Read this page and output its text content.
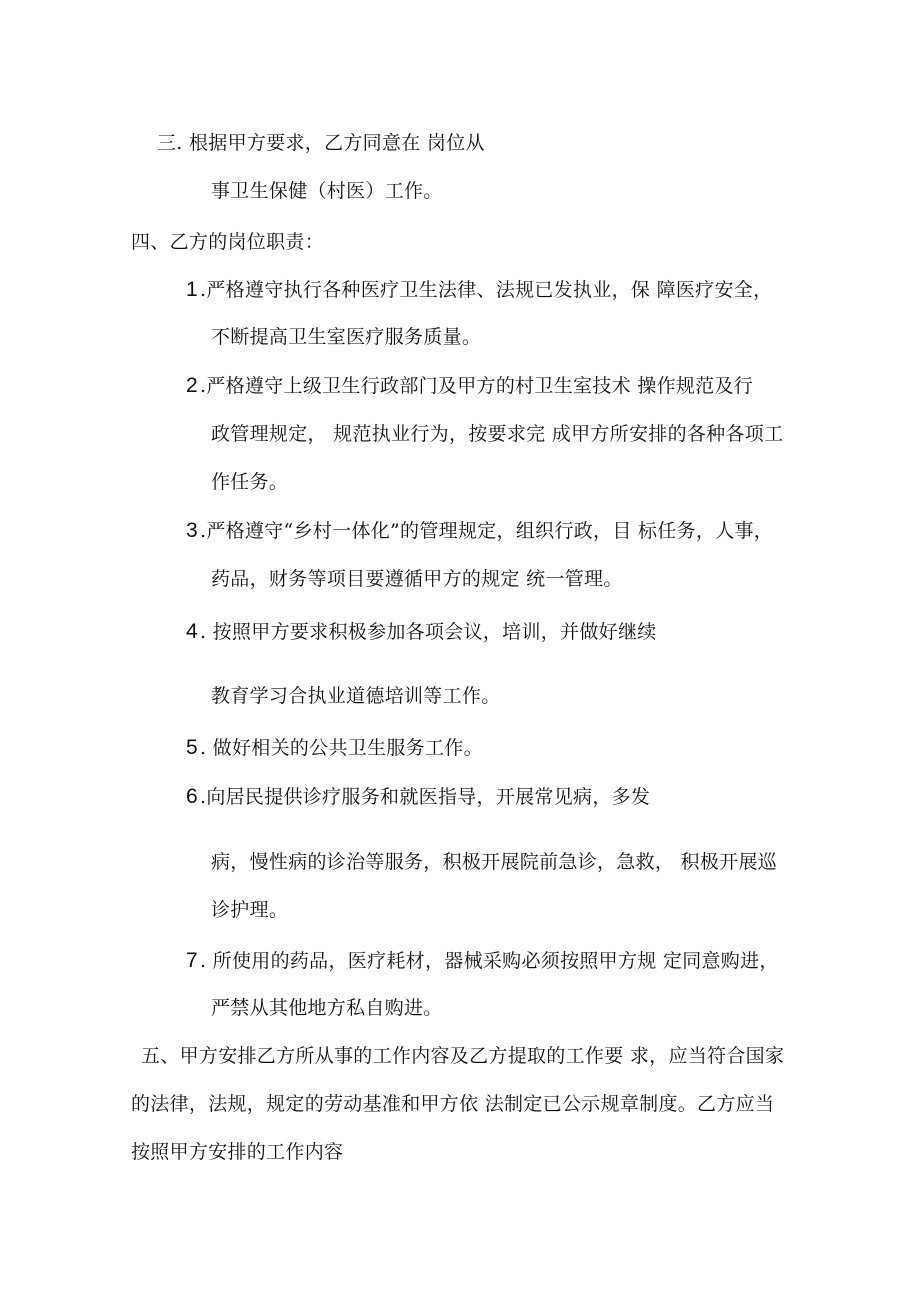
三. 根据甲方要求，乙方同意在 岗位从
事卫生保健（村医）工作。
四、乙方的岗位职责：
1 .严格遵守执行各种医疗卫生法律、法规已发执业，保 障医疗安全，
不断提高卫生室医疗服务质量。
2 .严格遵守上级卫生行政部门及甲方的村卫生室技术 操作规范及行
政管理规定， 规范执业行为，按要求完 成甲方所安排的各种各项工
作任务。
3 .严格遵守“乡村一体化”的管理规定，组织行政，目 标任务，人事，
药品，财务等项目要遵循甲方的规定 统一管理。
4 . 按照甲方要求积极参加各项会议，培训，并做好继续
教育学习合执业道德培训等工作。
5 . 做好相关的公共卫生服务工作。
6 .向居民提供诊疗服务和就医指导，开展常见病，多发
病，慢性病的诊治等服务，积极开展院前急诊，急救， 积极开展巡
诊护理。
7 . 所使用的药品，医疗耗材，器械采购必须按照甲方规 定同意购进，
严禁从其他地方私自购进。
五、甲方安排乙方所从事的工作内容及乙方提取的工作要 求，应当符合国家
的法律，法规，规定的劳动基准和甲方依 法制定已公示规章制度。乙方应当
按照甲方安排的工作内容
